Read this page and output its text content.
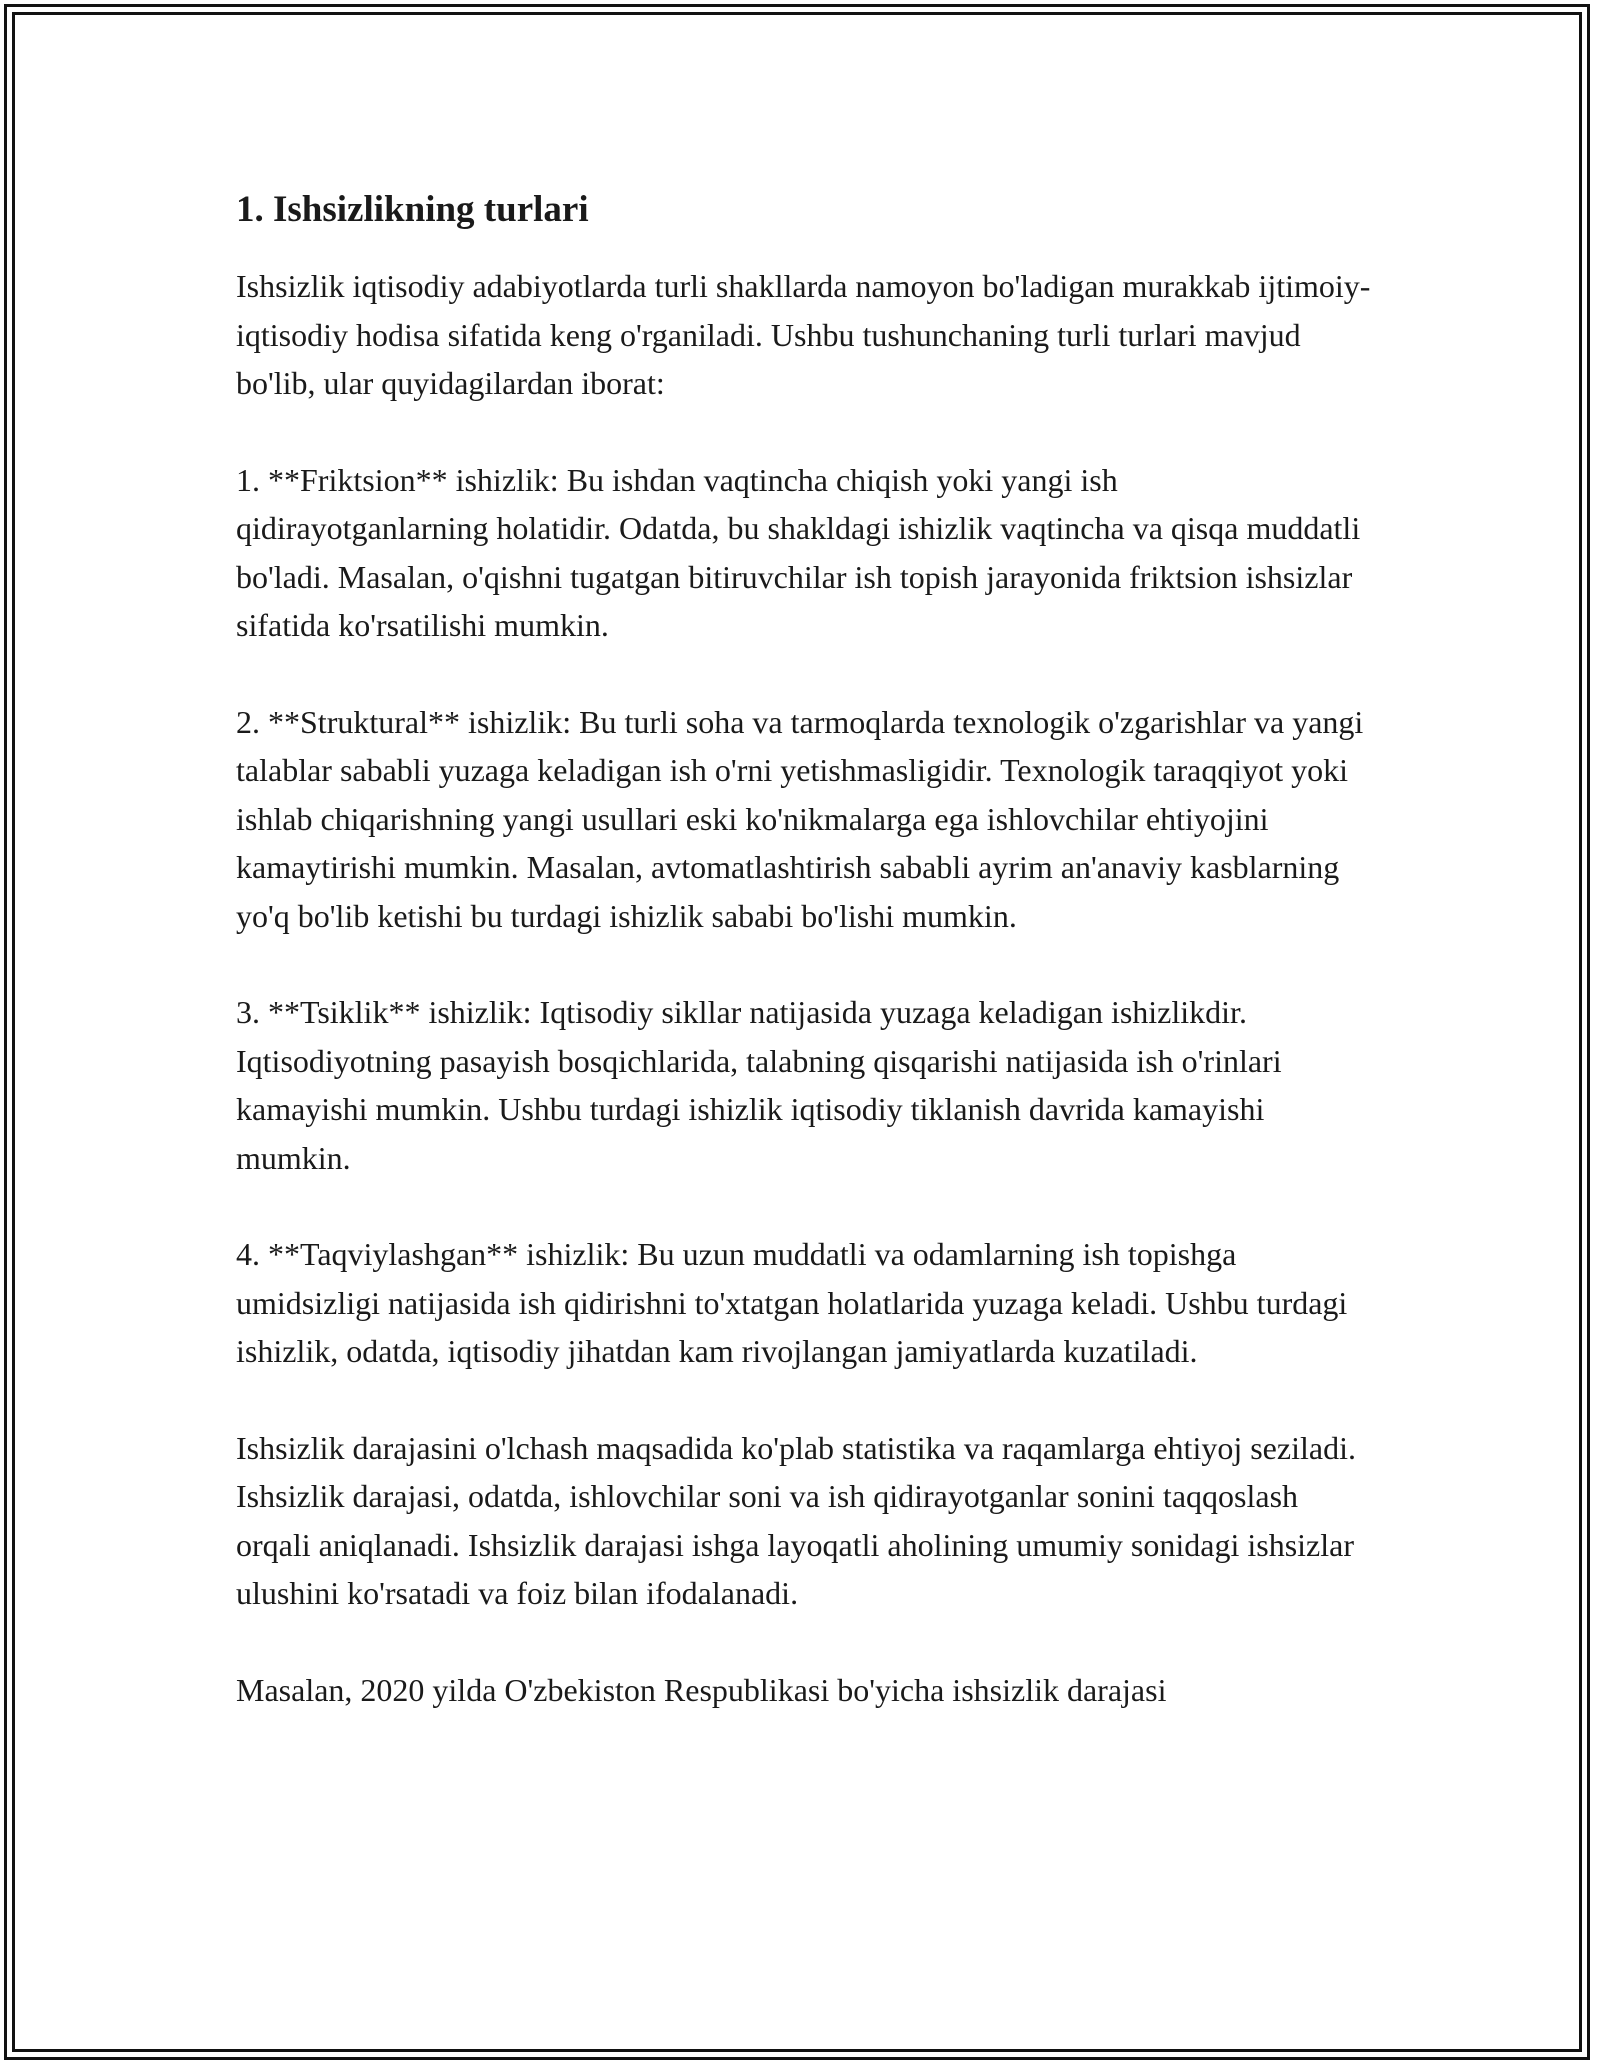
1. Ishsizlikning turlari

Ishsizlik iqtisodiy adabiyotlarda turli shakllarda namoyon bo'ladigan murakkab ijtimoiy-iqtisodiy hodisa sifatida keng o'rganiladi. Ushbu tushunchaning turli turlari mavjud bo'lib, ular quyidagilardan iborat:

1. **Friktsion** ishizlik: Bu ishdan vaqtincha chiqish yoki yangi ish qidirayotganlarning holatidir. Odatda, bu shakldagi ishizlik vaqtincha va qisqa muddatli bo'ladi. Masalan, o'qishni tugatgan bitiruvchilar ish topish jarayonida friktsion ishsizlar sifatida ko'rsatilishi mumkin.

2. **Struktural** ishizlik: Bu turli soha va tarmoqlarda texnologik o'zgarishlar va yangi talablar sababli yuzaga keladigan ish o'rni yetishmasligidir. Texnologik taraqqiyot yoki ishlab chiqarishning yangi usullari eski ko'nikmalarga ega ishlovchilar ehtiyojini kamaytirishi mumkin. Masalan, avtomatlashtirish sababli ayrim an'anaviy kasblarning yo'q bo'lib ketishi bu turdagi ishizlik sababi bo'lishi mumkin.

3. **Tsiklik** ishizlik: Iqtisodiy sikllar natijasida yuzaga keladigan ishizlikdir. Iqtisodiyotning pasayish bosqichlarida, talabning qisqarishi natijasida ish o'rinlari kamayishi mumkin. Ushbu turdagi ishizlik iqtisodiy tiklanish davrida kamayishi mumkin.

4. **Taqviylashgan** ishizlik: Bu uzun muddatli va odamlarning ish topishga umidsizligi natijasida ish qidirishni to'xtatgan holatlarida yuzaga keladi. Ushbu turdagi ishizlik, odatda, iqtisodiy jihatdan kam rivojlangan jamiyatlarda kuzatiladi.

Ishsizlik darajasini o'lchash maqsadida ko'plab statistika va raqamlarga ehtiyoj seziladi. Ishsizlik darajasi, odatda, ishlovchilar soni va ish qidirayotganlar sonini taqqoslash orqali aniqlanadi. Ishsizlik darajasi ishga layoqatli aholining umumiy sonidagi ishsizlar ulushini ko'rsatadi va foiz bilan ifodalanadi.

Masalan, 2020 yilda O'zbekiston Respublikasi bo'yicha ishsizlik darajasi
